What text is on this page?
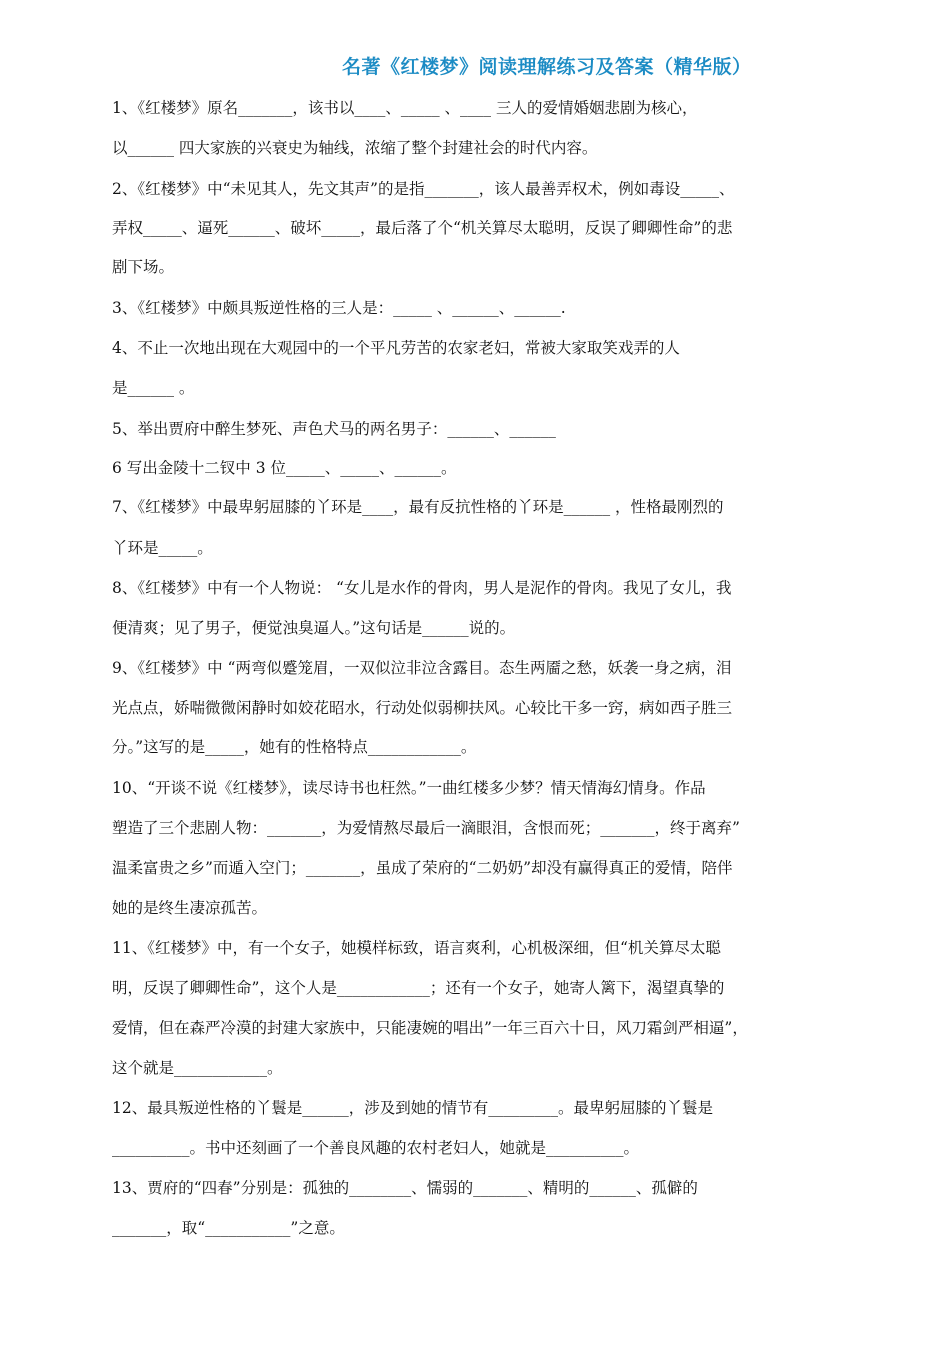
名著《红楼梦》阅读理解练习及答案（精华版）
1、《红楼梦》原名_______，该书以____、_____ 、____ 三人的爱情婚姻悲剧为核心，
以______ 四大家族的兴衰史为轴线，浓缩了整个封建社会的时代内容。
2、《红楼梦》中“未见其人，先文其声”的是指_______，该人最善弄权术，例如毒设_____、
弄权_____、逼死______、破坏_____，最后落了个“机关算尽太聪明，反误了卿卿性命”的悲
剧下场。
3、《红楼梦》中颇具叛逆性格的三人是：_____ 、______、______.
4、不止一次地出现在大观园中的一个平凡劳苦的农家老妇，常被大家取笑戏弄的人
是______ 。
5、举出贾府中醉生梦死、声色犬马的两名男子：______、______
6 写出金陵十二钗中 3 位_____、_____、______。
7、《红楼梦》中最卑躬屈膝的丫环是____，最有反抗性格的丫环是______ ，性格最刚烈的
丫环是_____。
8、《红楼梦》中有一个人物说： “女儿是水作的骨肉，男人是泥作的骨肉。我见了女儿，我
便清爽；见了男子，便觉浊臭逼人。”这句话是______说的。
9、《红楼梦》中 “两弯似蹙笼眉，一双似泣非泣含露目。态生两靥之愁，妖袭一身之病，泪
光点点，娇喘微微闲静时如姣花昭水，行动处似弱柳扶风。心较比干多一窍，病如西子胜三
分。”这写的是_____，她有的性格特点____________。
10、“开谈不说《红楼梦》，读尽诗书也枉然。”一曲红楼多少梦？情天情海幻情身。作品
塑造了三个悲剧人物：_______，为爱情熬尽最后一滴眼泪，含恨而死；_______，终于离弃”
温柔富贵之乡”而遁入空门；_______，虽成了荣府的“二奶奶”却没有赢得真正的爱情，陪伴
她的是终生凄凉孤苦。
11、《红楼梦》中，有一个女子，她模样标致，语言爽利，心机极深细，但“机关算尽太聪
明，反误了卿卿性命”，这个人是____________；还有一个女子，她寄人篱下，渴望真挚的
爱情，但在森严冷漠的封建大家族中，只能凄婉的唱出”一年三百六十日，风刀霜剑严相逼”，
这个就是____________。
12、最具叛逆性格的丫鬟是______，涉及到她的情节有_________。最卑躬屈膝的丫鬟是
__________。书中还刻画了一个善良风趣的农村老妇人，她就是__________。
13、贾府的“四春”分别是：孤独的________、懦弱的_______、精明的______、孤僻的
_______，取“___________”之意。
